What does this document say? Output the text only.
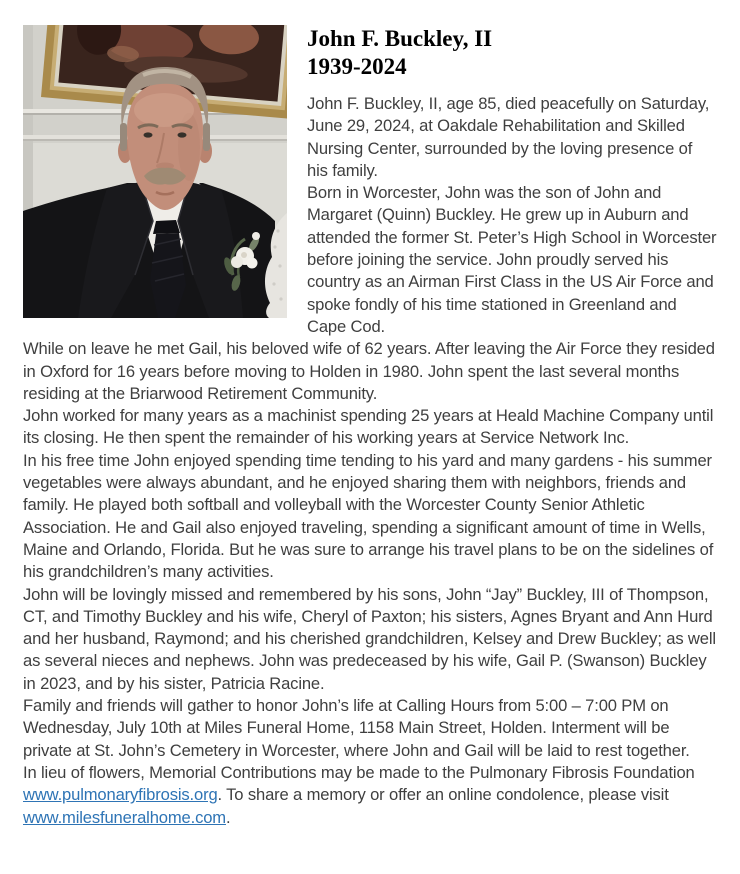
John F. Buckley, II
1939-2024

John F. Buckley, II, age 85, died peacefully on Saturday, June 29, 2024, at Oakdale Rehabilitation and Skilled Nursing Center, surrounded by the loving presence of his family.

Born in Worcester, John was the son of John and Margaret (Quinn) Buckley. He grew up in Auburn and attended the former St. Peter’s High School in Worcester before joining the service. John proudly served his country as an Airman First Class in the US Air Force and spoke fondly of his time stationed in Greenland and Cape Cod.

While on leave he met Gail, his beloved wife of 62 years. After leaving the Air Force they resided in Oxford for 16 years before moving to Holden in 1980. John spent the last several months residing at the Briarwood Retirement Community.

John worked for many years as a machinist spending 25 years at Heald Machine Company until its closing. He then spent the remainder of his working years at Service Network Inc.

In his free time John enjoyed spending time tending to his yard and many gardens - his summer vegetables were always abundant, and he enjoyed sharing them with neighbors, friends and family. He played both softball and volleyball with the Worcester County Senior Athletic Association. He and Gail also enjoyed traveling, spending a significant amount of time in Wells, Maine and Orlando, Florida. But he was sure to arrange his travel plans to be on the sidelines of his grandchildren’s many activities.

John will be lovingly missed and remembered by his sons, John “Jay” Buckley, III of Thompson, CT, and Timothy Buckley and his wife, Cheryl of Paxton; his sisters, Agnes Bryant and Ann Hurd and her husband, Raymond; and his cherished grandchildren, Kelsey and Drew Buckley; as well as several nieces and nephews. John was predeceased by his wife, Gail P. (Swanson) Buckley in 2023, and by his sister, Patricia Racine.

Family and friends will gather to honor John’s life at Calling Hours from 5:00 – 7:00 PM on Wednesday, July 10th at Miles Funeral Home, 1158 Main Street, Holden. Interment will be private at St. John’s Cemetery in Worcester, where John and Gail will be laid to rest together.

In lieu of flowers, Memorial Contributions may be made to the Pulmonary Fibrosis Foundation www.pulmonaryfibrosis.org. To share a memory or offer an online condolence, please visit www.milesfuneralhome.com.
